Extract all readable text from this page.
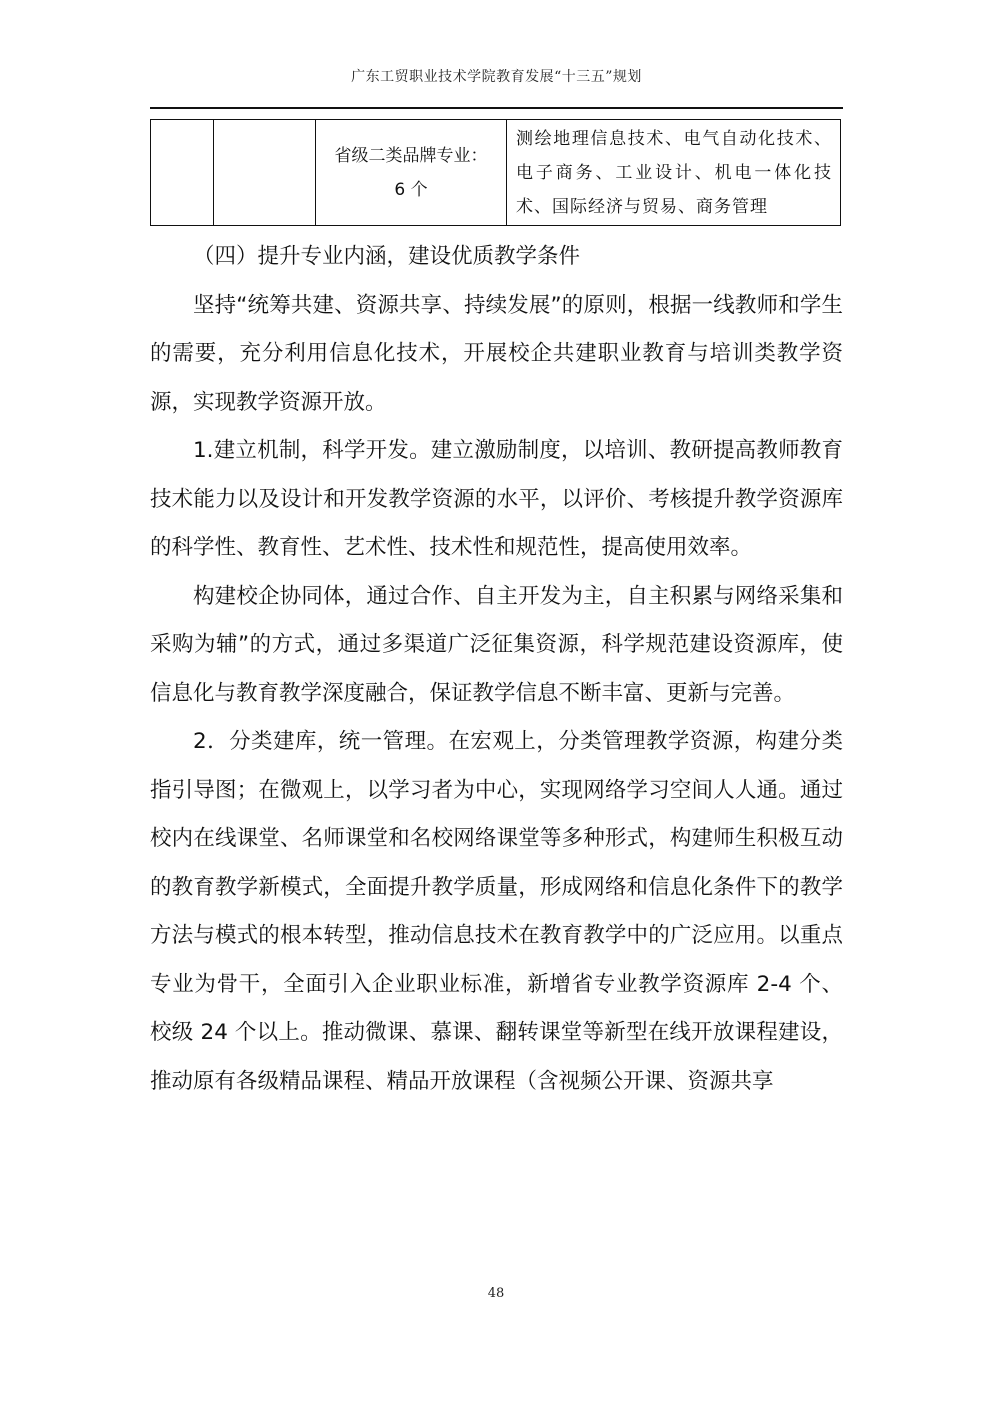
广东工贸职业技术学院教育发展“十三五”规划

省级二类品牌专业：
6 个
	测绘地理信息技术、电气自动化技术、电子商务、工业设计、机电一体化技术、国际经济与贸易、商务管理
（四）提升专业内涵，建设优质教学条件

坚持“统筹共建、资源共享、持续发展”的原则，根据一线教师和学生的需要，充分利用信息化技术，开展校企共建职业教育与培训类教学资源，实现教学资源开放。

1.建立机制，科学开发。建立激励制度，以培训、教研提高教师教育技术能力以及设计和开发教学资源的水平，以评价、考核提升教学资源库的科学性、教育性、艺术性、技术性和规范性，提高使用效率。

构建校企协同体，通过合作、自主开发为主，自主积累与网络采集和采购为辅”的方式，通过多渠道广泛征集资源，科学规范建设资源库，使信息化与教育教学深度融合，保证教学信息不断丰富、更新与完善。

2．分类建库，统一管理。在宏观上，分类管理教学资源，构建分类指引导图；在微观上，以学习者为中心，实现网络学习空间人人通。通过校内在线课堂、名师课堂和名校网络课堂等多种形式，构建师生积极互动的教育教学新模式，全面提升教学质量，形成网络和信息化条件下的教学方法与模式的根本转型，推动信息技术在教育教学中的广泛应用。以重点专业为骨干，全面引入企业职业标准，新增省专业教学资源库 2-4 个、校级 24 个以上。推动微课、慕课、翻转课堂等新型在线开放课程建设，推动原有各级精品课程、精品开放课程（含视频公开课、资源共享

48
